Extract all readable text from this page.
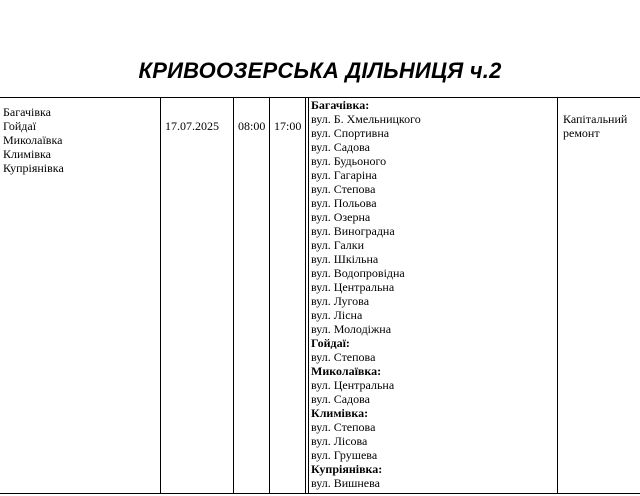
КРИВООЗЕРСЬКА ДІЛЬНИЦЯ ч.2
Багачівка
Гойдаї
Миколаївка
Климівка
Купріянівка
17.07.2025 08:00 17:00
Багачівка:
вул. Б. Хмельницкого
вул. Спортивна
вул. Садова
вул. Будьоного
вул. Гагаріна
вул. Степова
вул. Польова
вул. Озерна
вул. Виноградна
вул. Галки
вул. Шкільна
вул. Водопровідна
вул. Центральна
вул. Лугова
вул. Лісна
вул. Молодіжна
Гойдаї:
вул. Степова
Миколаївка:
вул. Центральна
вул. Садова
Климівка:
вул. Степова
вул. Лісова
вул. Грушева
Купріянівка:
вул. Вишнева
Капітальний
ремонт
